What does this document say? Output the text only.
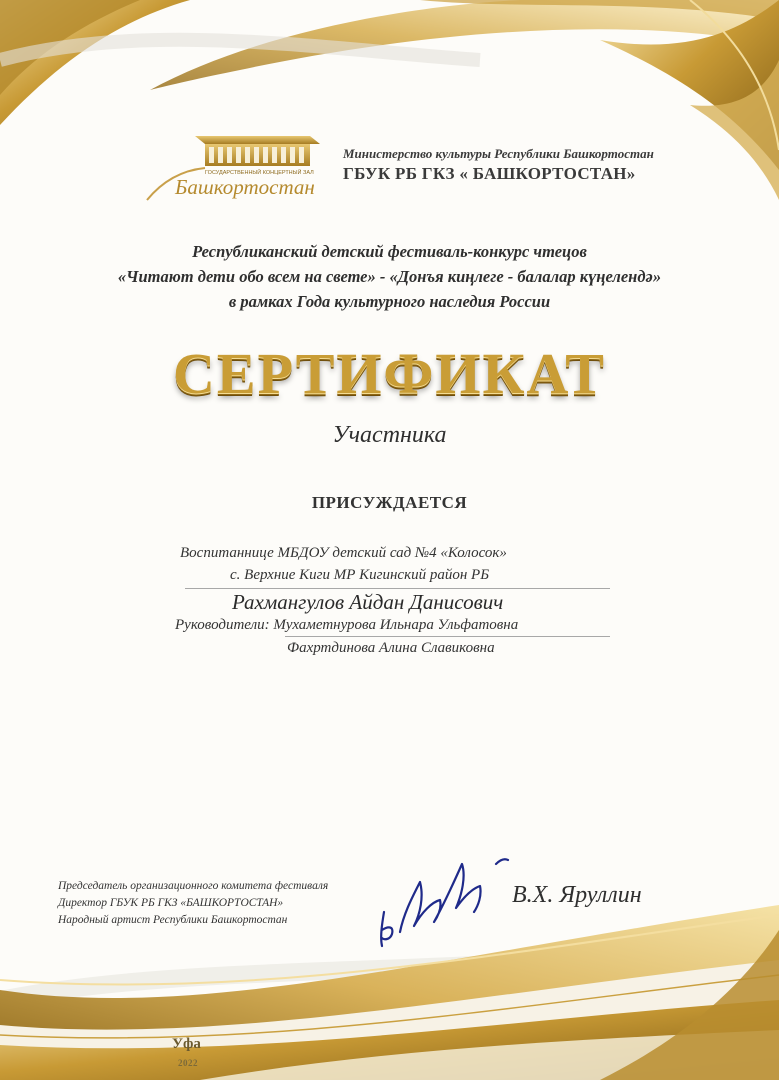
ГОСУДАРСТВЕННЫЙ КОНЦЕРТНЫЙ ЗАЛ
Башкортостан
Министерство культуры Республики Башкортостан
ГБУК РБ ГКЗ « БАШКОРТОСТАН»
Республиканский детский фестиваль-конкурс чтецов
«Читают дети обо всем на свете» - «Донъя киңлеге - балалар күңелендә»
в рамках Года культурного наследия России
СЕРТИФИКАТ
Участника
ПРИСУЖДАЕТСЯ
Воспитаннице МБДОУ детский сад №4 «Колосок»
с. Верхние Киги МР Кигинский район РБ
Рахмангулов Айдан Данисович
Руководители: Мухаметнурова Ильнара Ульфатовна
Фахртдинова Алина Славиковна
Председатель организационного комитета фестиваля
Директор ГБУК РБ ГКЗ «БАШКОРТОСТАН»
Народный артист Республики Башкортостан
В.Х. Яруллин
Уфа
2022
